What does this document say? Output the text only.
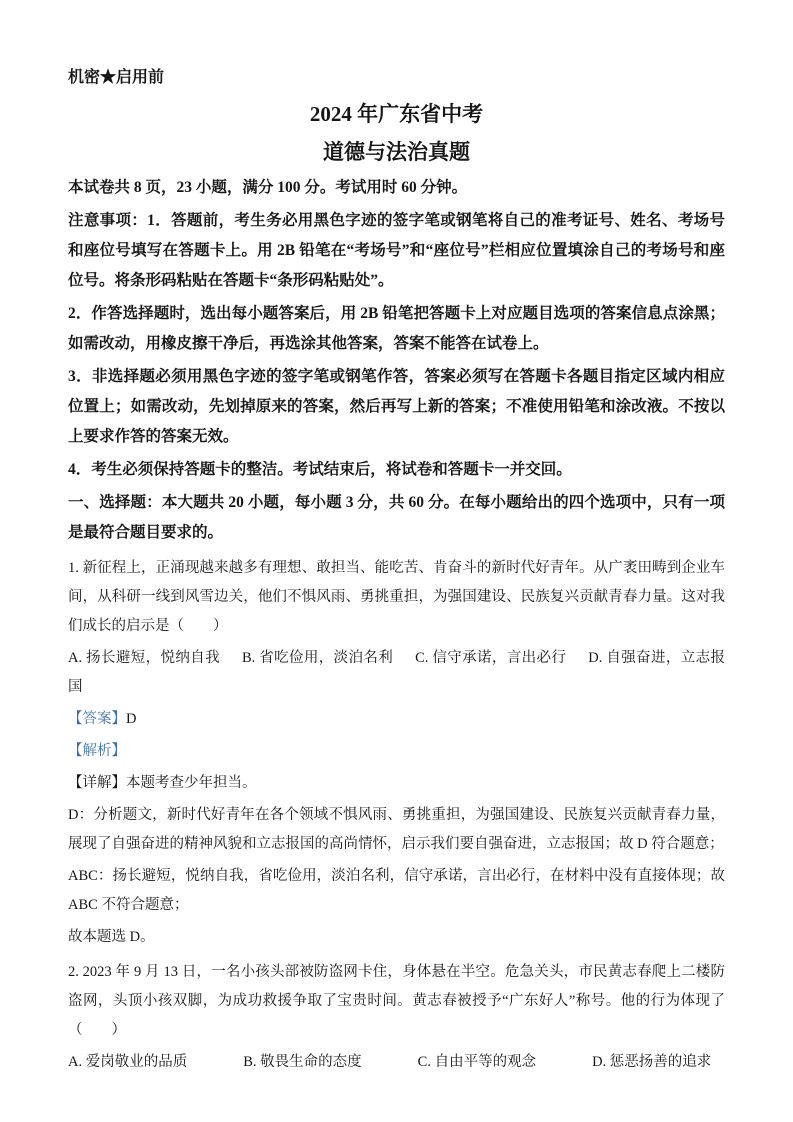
机密★启用前
2024 年广东省中考
道德与法治真题

本试卷共 8 页，23 小题，满分 100 分。考试用时 60 分钟。

注意事项：1．答题前，考生务必用黑色字迹的签字笔或钢笔将自己的准考证号、姓名、考场号和座位号填写在答题卡上。用 2B 铅笔在“考场号”和“座位号”栏相应位置填涂自己的考场号和座位号。将条形码粘贴在答题卡“条形码粘贴处”。

2．作答选择题时，选出每小题答案后，用 2B 铅笔把答题卡上对应题目选项的答案信息点涂黑；如需改动，用橡皮擦干净后，再选涂其他答案，答案不能答在试卷上。

3．非选择题必须用黑色字迹的签字笔或钢笔作答，答案必须写在答题卡各题目指定区域内相应位置上；如需改动，先划掉原来的答案，然后再写上新的答案；不准使用铅笔和涂改液。不按以上要求作答的答案无效。

4．考生必须保持答题卡的整洁。考试结束后，将试卷和答题卡一并交回。

一、选择题：本大题共 20 小题，每小题 3 分，共 60 分。在每小题给出的四个选项中，只有一项是最符合题目要求的。

1. 新征程上，正涌现越来越多有理想、敢担当、能吃苦、肯奋斗的新时代好青年。从广袤田畴到企业车间，从科研一线到风雪边关，他们不惧风雨、勇挑重担，为强国建设、民族复兴贡献青春力量。这对我们成长的启示是（　　）

A. 扬长避短，悦纳自我 B. 省吃俭用，淡泊名利 C. 信守承诺，言出必行 D. 自强奋进，立志报国

【答案】D

【解析】

【详解】本题考查少年担当。

D：分析题文，新时代好青年在各个领域不惧风雨、勇挑重担，为强国建设、民族复兴贡献青春力量，展现了自强奋进的精神风貌和立志报国的高尚情怀，启示我们要自强奋进，立志报国；故 D 符合题意；

ABC：扬长避短，悦纳自我，省吃俭用，淡泊名利，信守承诺，言出必行，在材料中没有直接体现；故 ABC 不符合题意；

故本题选 D。

2. 2023 年 9 月 13 日，一名小孩头部被防盗网卡住，身体悬在半空。危急关头，市民黄志春爬上二楼防盗网，头顶小孩双脚，为成功救援争取了宝贵时间。黄志春被授予“广东好人”称号。他的行为体现了（　　）

A. 爱岗敬业的品质	B. 敬畏生命的态度	C. 自由平等的观念	D. 惩恶扬善的追求
